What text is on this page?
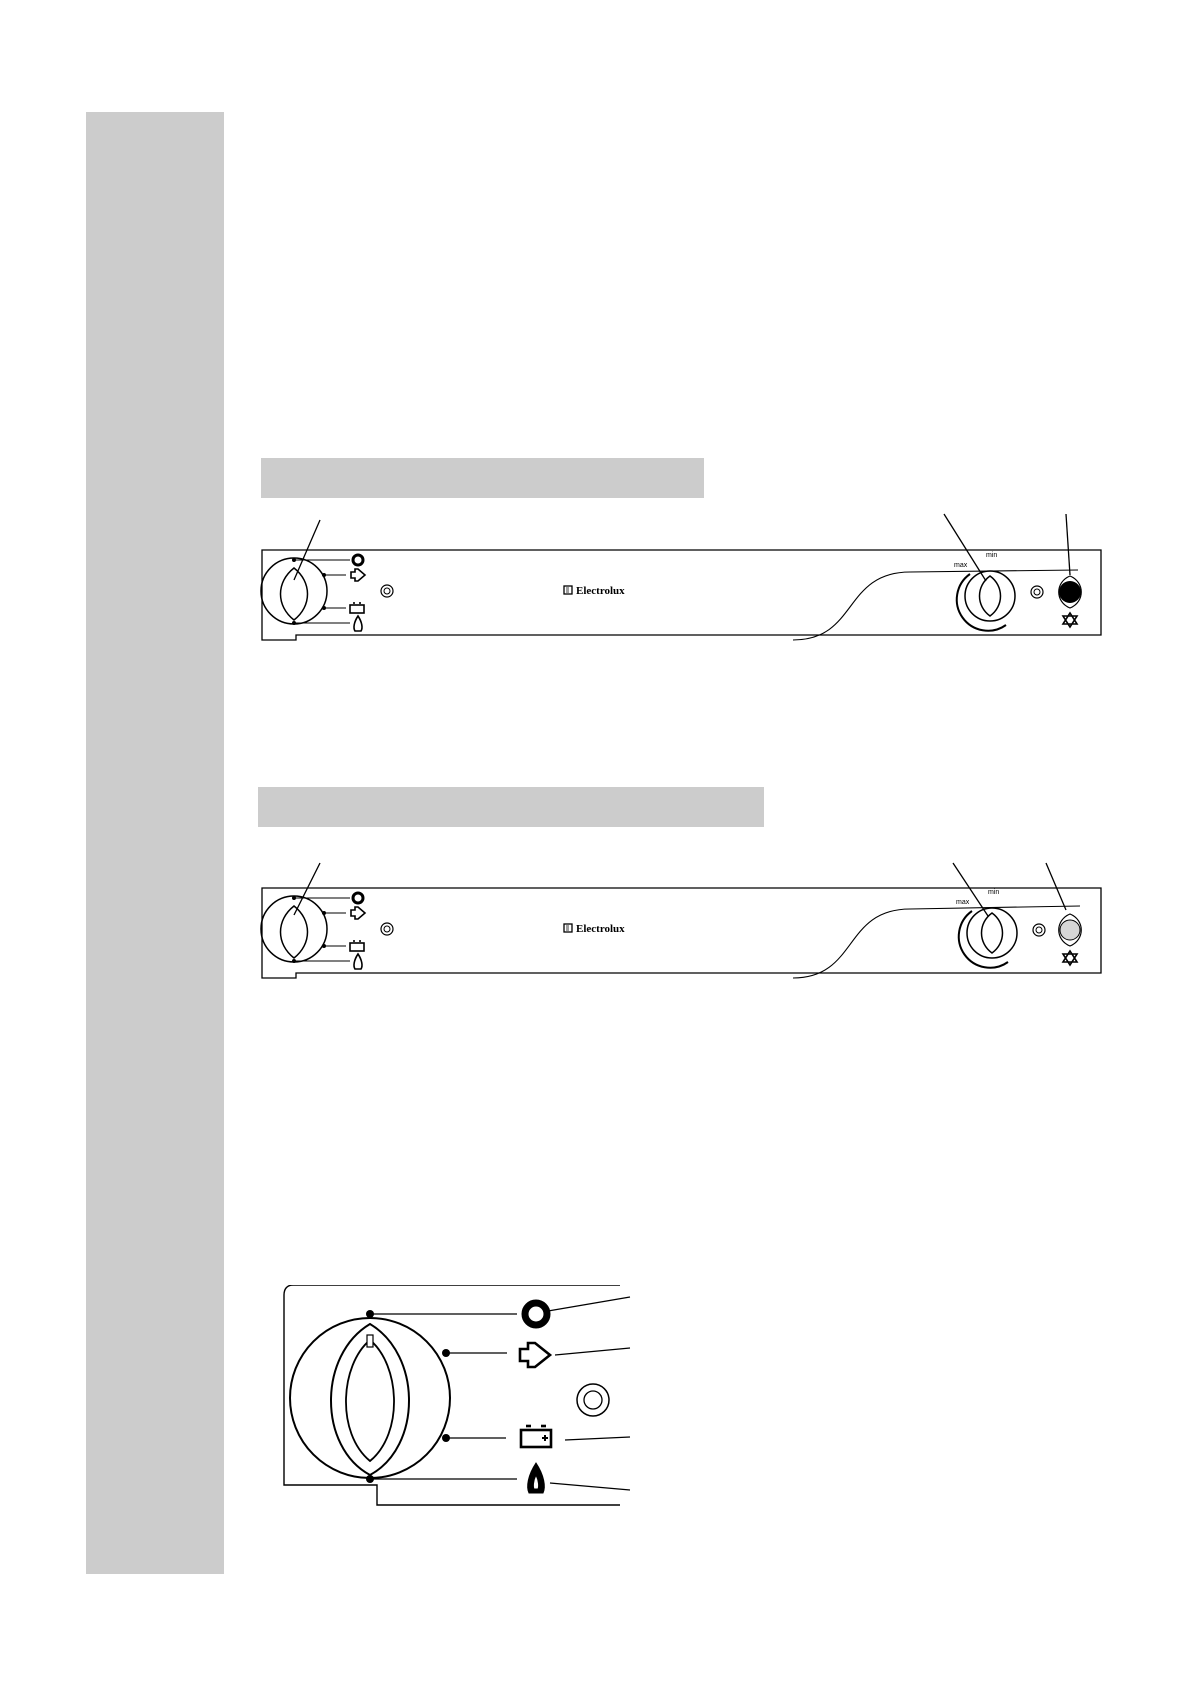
Electrolux
max
min
Electrolux
max
min
